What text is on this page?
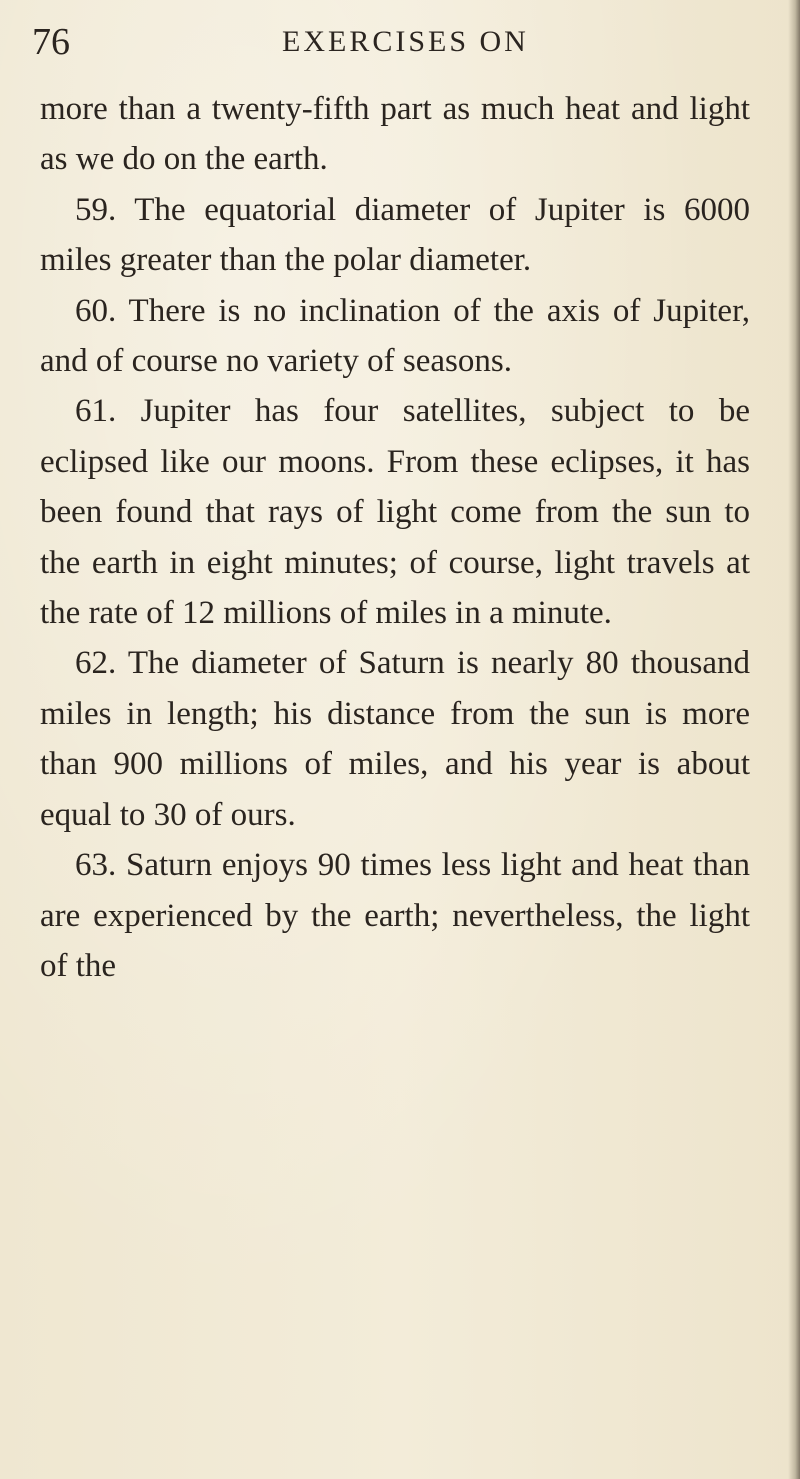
76	EXERCISES ON

more than a twenty-fifth part as much heat and light as we do on the earth.

59. The equatorial diameter of Jupiter is 6000 miles greater than the polar diameter.

60. There is no inclination of the axis of Jupiter, and of course no variety of seasons.

61. Jupiter has four satellites, subject to be eclipsed like our moons. From these eclipses, it has been found that rays of light come from the sun to the earth in eight minutes; of course, light travels at the rate of 12 millions of miles in a minute.

62. The diameter of Saturn is nearly 80 thousand miles in length; his distance from the sun is more than 900 millions of miles, and his year is about equal to 30 of ours.

63. Saturn enjoys 90 times less light and heat than are experienced by the earth; nevertheless, the light of the
